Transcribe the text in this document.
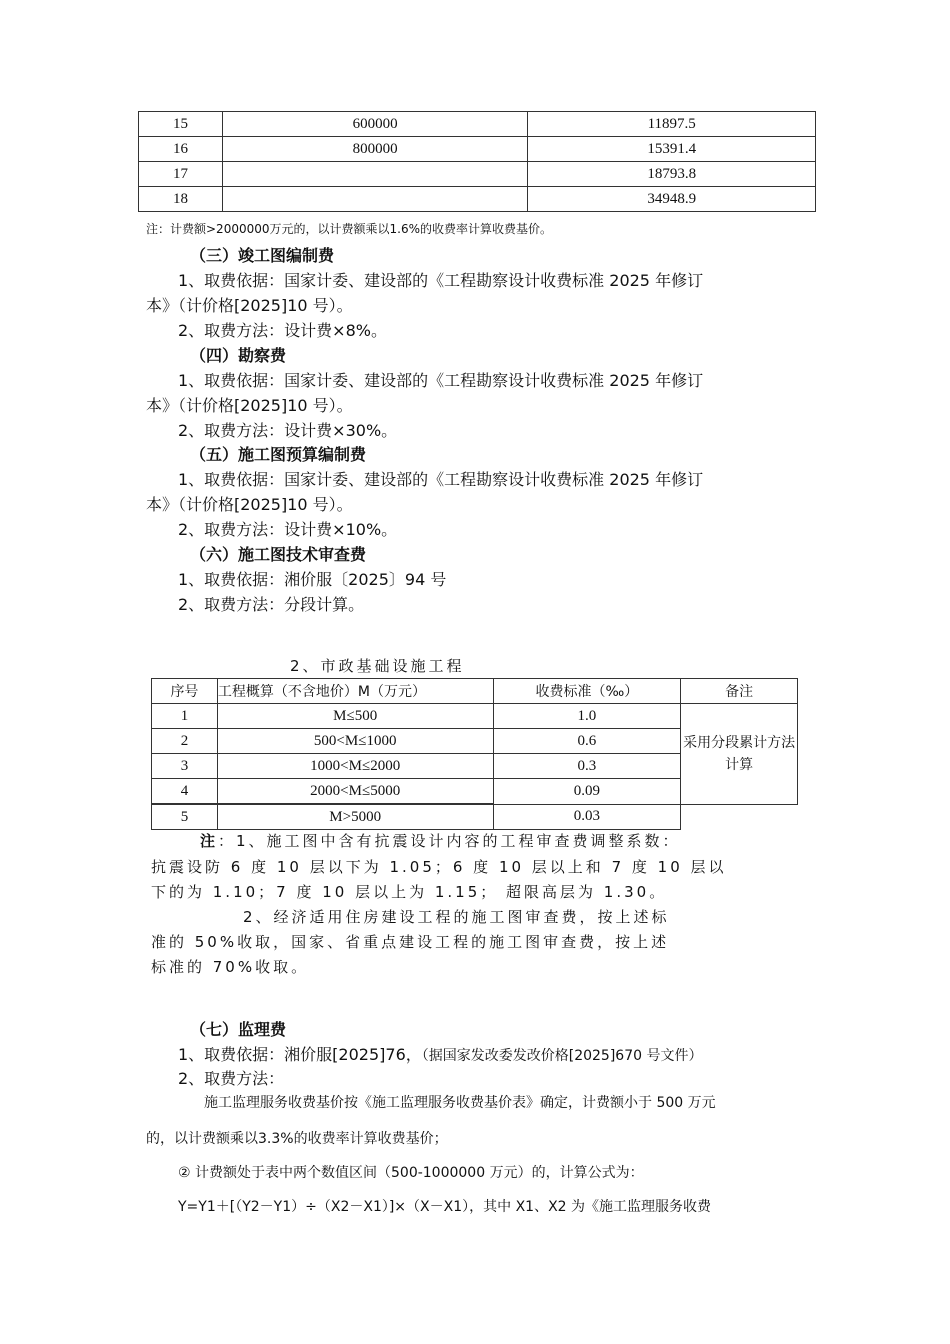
15	600000	11897.5
16	800000	15391.4
17		18793.8
18		34948.9
注：计费额>2000000万元的，以计费额乘以1.6%的收费率计算收费基价。
（三）竣工图编制费
1、取费依据：国家计委、建设部的《工程勘察设计收费标准 2025 年修订
本》（计价格[2025]10 号）。
2、取费方法：设计费×8%。
（四）勘察费
1、取费依据：国家计委、建设部的《工程勘察设计收费标准 2025 年修订
本》（计价格[2025]10 号）。
2、取费方法：设计费×30%。
（五）施工图预算编制费
1、取费依据：国家计委、建设部的《工程勘察设计收费标准 2025 年修订
本》（计价格[2025]10 号）。
2、取费方法：设计费×10%。
（六）施工图技术审查费
1、取费依据：湘价服〔2025〕94 号
2、取费方法：分段计算。
2、市政基础设施工程
序号	工程概算（不含地价）M（万元）	收费标准（‰）	备注
1	M≤500	1.0	采用分段累计方法计算
2	500<M≤1000	0.6	
3	1000<M≤2000	0.3	
4	2000<M≤5000	0.09	
5	M>5000	0.03	
注：1、施工图中含有抗震设计内容的工程审查费调整系数：
抗震设防 6 度 10 层以下为 1.05；6 度 10 层以上和 7 度 10 层以
下的为 1.10；7 度 10 层以上为 1.15； 超限高层为 1.30。
2、经济适用住房建设工程的施工图审查费，按上述标
准的 50%收取，国家、省重点建设工程的施工图审查费，按上述
标准的 70%收取。
（七）监理费
1、取费依据：湘价服[2025]76，（据国家发改委发改价格[2025]670 号文件）
2、取费方法：
施工监理服务收费基价按《施工监理服务收费基价表》确定，计费额小于 500 万元
的，以计费额乘以3.3%的收费率计算收费基价；
② 计费额处于表中两个数值区间（500-1000000 万元）的，计算公式为：
Y=Y1＋[（Y2－Y1）÷（X2－X1）]×（X－X1），其中 X1、X2 为《施工监理服务收费
